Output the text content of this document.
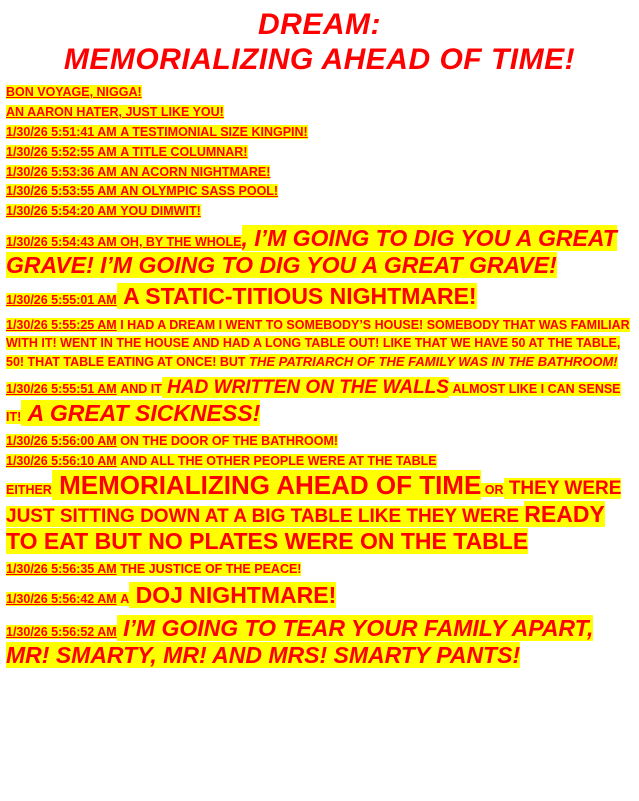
DREAM:
MEMORIALIZING AHEAD OF TIME!
BON VOYAGE, NIGGA!
AN AARON HATER, JUST LIKE YOU!
1/30/26 5:51:41 AM A TESTIMONIAL SIZE KINGPIN!
1/30/26 5:52:55 AM A TITLE COLUMNAR!
1/30/26 5:53:36 AM AN ACORN NIGHTMARE!
1/30/26 5:53:55 AM AN OLYMPIC SASS POOL!
1/30/26 5:54:20 AM YOU DIMWIT!
1/30/26 5:54:43 AM OH, BY THE WHOLE, I’M GOING TO DIG YOU A GREAT GRAVE! I’M GOING TO DIG YOU A GREAT GRAVE!
1/30/26 5:55:01 AM A STATIC-TITIOUS NIGHTMARE!
1/30/26 5:55:25 AM I HAD A DREAM I WENT TO SOMEBODY’S HOUSE! SOMEBODY THAT WAS FAMILIAR WITH IT! WENT IN THE HOUSE AND HAD A LONG TABLE OUT! LIKE THAT WE HAVE 50 AT THE TABLE, 50! THAT TABLE EATING AT ONCE! BUT THE PATRIARCH OF THE FAMILY WAS IN THE BATHROOM!
1/30/26 5:55:51 AM AND IT HAD WRITTEN ON THE WALLS ALMOST LIKE I CAN SENSE IT! A GREAT SICKNESS!
1/30/26 5:56:00 AM ON THE DOOR OF THE BATHROOM!
1/30/26 5:56:10 AM AND ALL THE OTHER PEOPLE WERE AT THE TABLE EITHER MEMORIALIZING AHEAD OF TIME OR THEY WERE JUST SITTING DOWN AT A BIG TABLE LIKE THEY WERE READY TO EAT BUT NO PLATES WERE ON THE TABLE
1/30/26 5:56:35 AM THE JUSTICE OF THE PEACE!
1/30/26 5:56:42 AM A DOJ NIGHTMARE!
1/30/26 5:56:52 AM I’M GOING TO TEAR YOUR FAMILY APART, MR! SMARTY, MR! AND MRS! SMARTY PANTS!
